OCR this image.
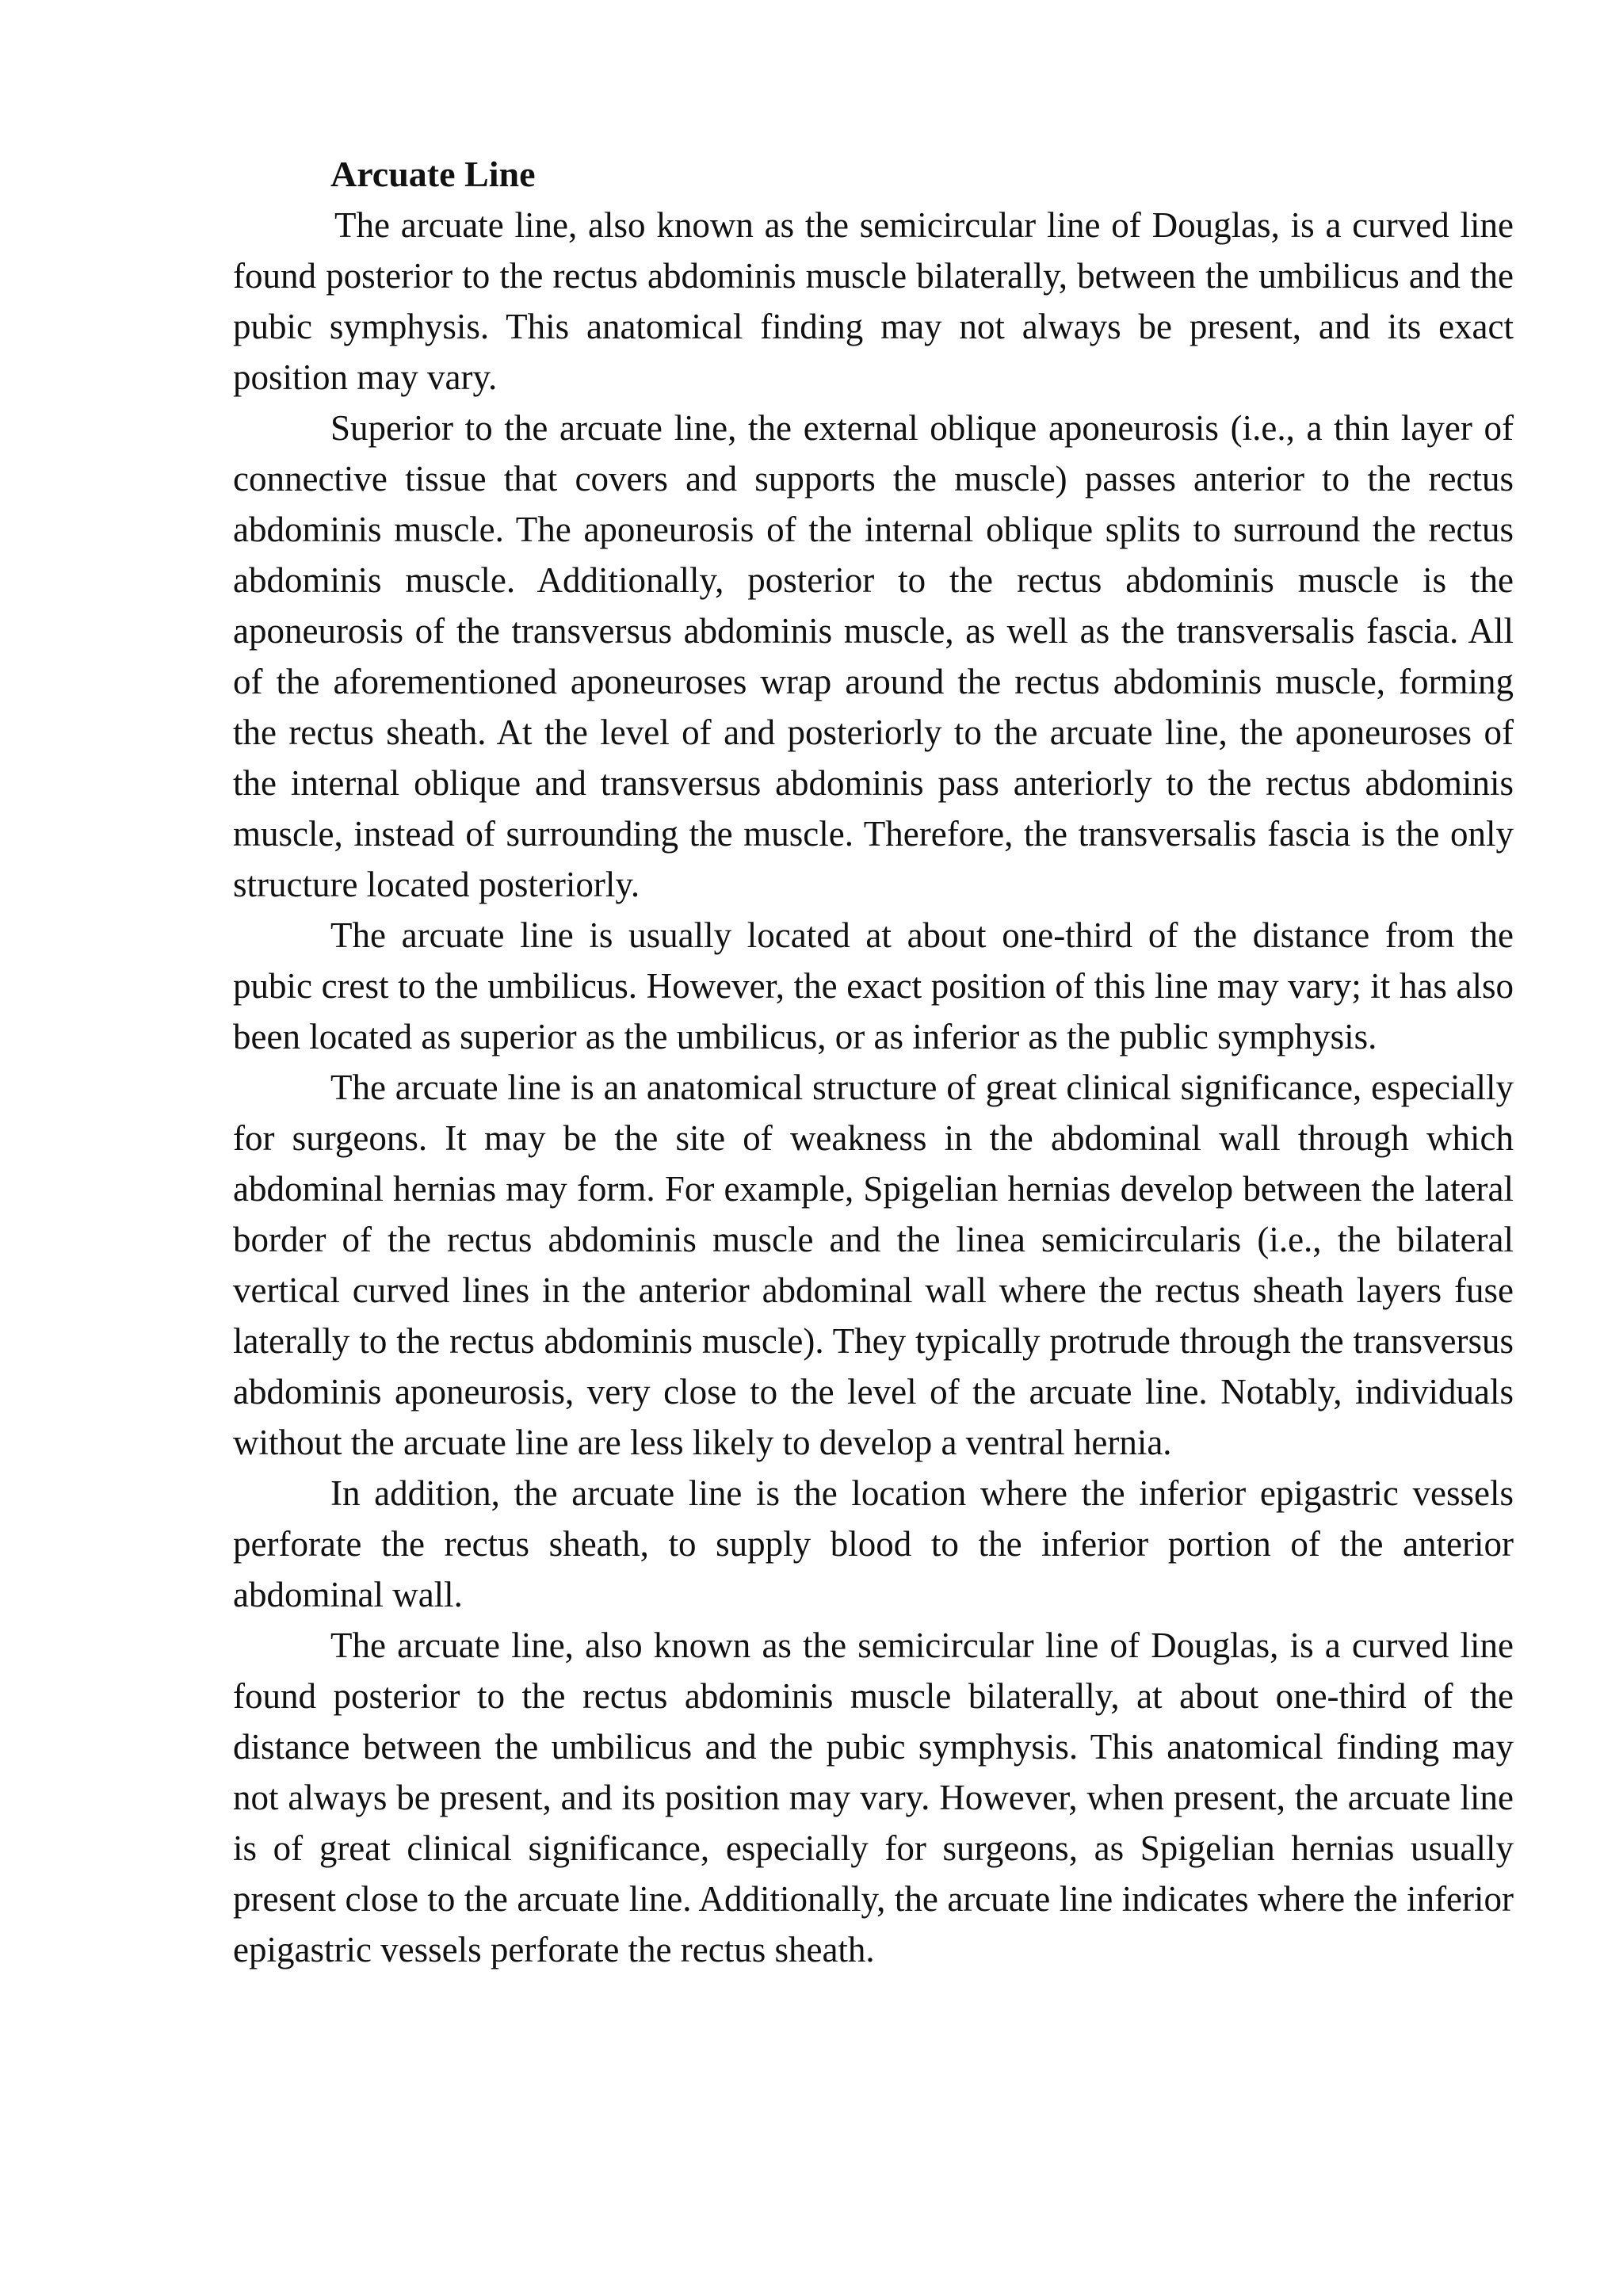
Arcuate Line

The arcuate line, also known as the semicircular line of Douglas, is a curved line found posterior to the rectus abdominis muscle bilaterally, between the umbilicus and the pubic symphysis. This anatomical finding may not always be present, and its exact position may vary.

Superior to the arcuate line, the external oblique aponeurosis (i.e., a thin layer of connective tissue that covers and supports the muscle) passes anterior to the rectus abdominis muscle. The aponeurosis of the internal oblique splits to surround the rectus abdominis muscle. Additionally, posterior to the rectus abdominis muscle is the aponeurosis of the transversus abdominis muscle, as well as the transversalis fascia. All of the aforementioned aponeuroses wrap around the rectus abdominis muscle, forming the rectus sheath. At the level of and posteriorly to the arcuate line, the aponeuroses of the internal oblique and transversus abdominis pass anteriorly to the rectus abdominis muscle, instead of surrounding the muscle. Therefore, the transversalis fascia is the only structure located posteriorly.

The arcuate line is usually located at about one-third of the distance from the pubic crest to the umbilicus. However, the exact position of this line may vary; it has also been located as superior as the umbilicus, or as inferior as the public symphysis.

The arcuate line is an anatomical structure of great clinical significance, especially for surgeons. It may be the site of weakness in the abdominal wall through which abdominal hernias may form. For example, Spigelian hernias develop between the lateral border of the rectus abdominis muscle and the linea semicircularis (i.e., the bilateral vertical curved lines in the anterior abdominal wall where the rectus sheath layers fuse laterally to the rectus abdominis muscle). They typically protrude through the transversus abdominis aponeurosis, very close to the level of the arcuate line. Notably, individuals without the arcuate line are less likely to develop a ventral hernia.

In addition, the arcuate line is the location where the inferior epigastric vessels perforate the rectus sheath, to supply blood to the inferior portion of the anterior abdominal wall.

The arcuate line, also known as the semicircular line of Douglas, is a curved line found posterior to the rectus abdominis muscle bilaterally, at about one-third of the distance between the umbilicus and the pubic symphysis. This anatomical finding may not always be present, and its position may vary. However, when present, the arcuate line is of great clinical significance, especially for surgeons, as Spigelian hernias usually present close to the arcuate line. Additionally, the arcuate line indicates where the inferior epigastric vessels perforate the rectus sheath.
